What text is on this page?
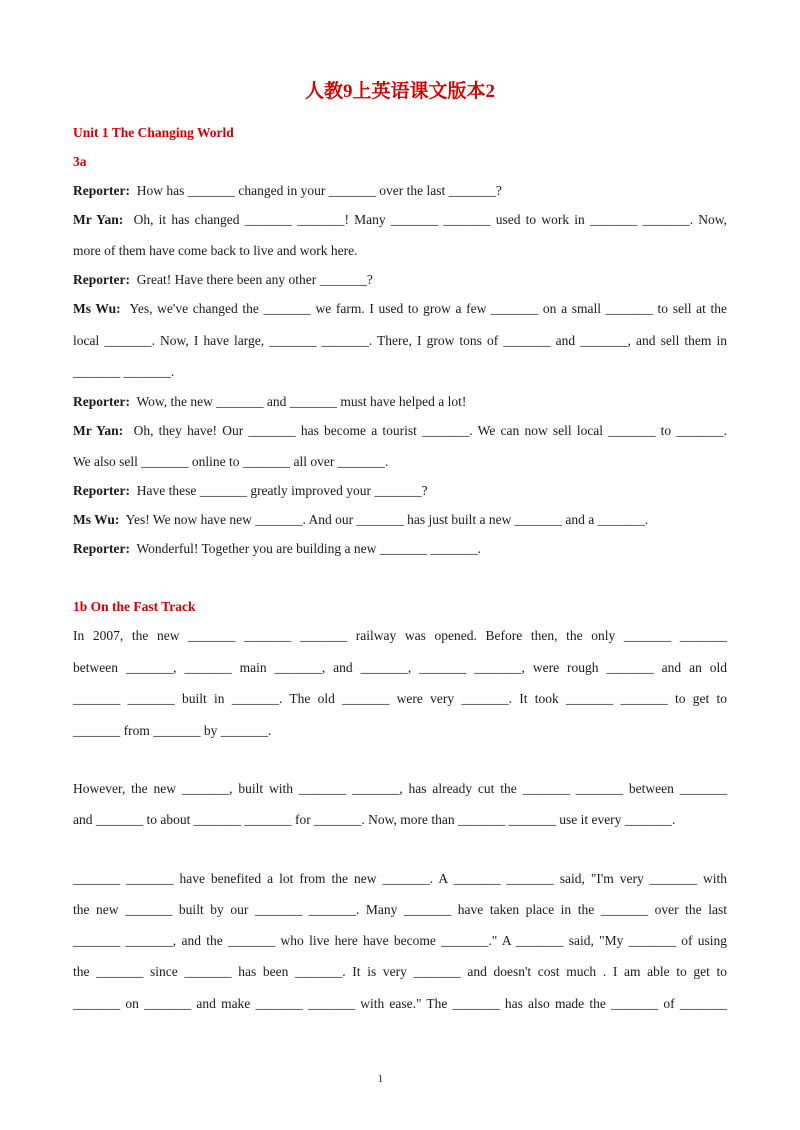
人教9上英语课文版本2
Unit 1 The Changing World
3a
Reporter: How has _______ changed in your _______ over the last _______?
Mr Yan: Oh, it has changed _______ _______! Many _______ _______ used to work in _______ _______. Now,
more of them have come back to live and work here.
Reporter: Great! Have there been any other _______?
Ms Wu: Yes, we've changed the _______ we farm. I used to grow a few _______ on a small _______ to sell at the
local _______. Now, I have large, _______ _______. There, I grow tons of _______ and _______, and sell them in
_______ _______.
Reporter: Wow, the new _______ and _______ must have helped a lot!
Mr Yan: Oh, they have! Our _______ has become a tourist _______. We can now sell local _______ to _______.
We also sell _______ online to _______ all over _______.
Reporter: Have these _______ greatly improved your _______?
Ms Wu: Yes! We now have new _______. And our _______ has just built a new _______ and a _______.
Reporter: Wonderful! Together you are building a new _______ _______.
1b On the Fast Track
In 2007, the new _______ _______ _______ railway was opened. Before then, the only _______ _______
between _______, _______ main _______, and _______, _______ _______, were rough _______ and an old
_______ _______ built in _______. The old _______ were very _______. It took _______ _______ to get to
_______ from _______ by _______.
However, the new _______, built with _______ _______, has already cut the _______ _______ between _______
and _______ to about _______ _______ for _______. Now, more than _______ _______ use it every _______.
_______ _______ have benefited a lot from the new _______. A _______ _______ said, "I'm very _______ with
the new _______ built by our _______ _______. Many _______ have taken place in the _______ over the last
_______ _______, and the _______ who live here have become _______." A _______ said, "My _______ of using
the _______ since _______ has been _______. It is very _______ and doesn't cost much . I am able to get to
_______ on _______ and make _______ _______ with ease." The _______ has also made the _______ of _______
1
